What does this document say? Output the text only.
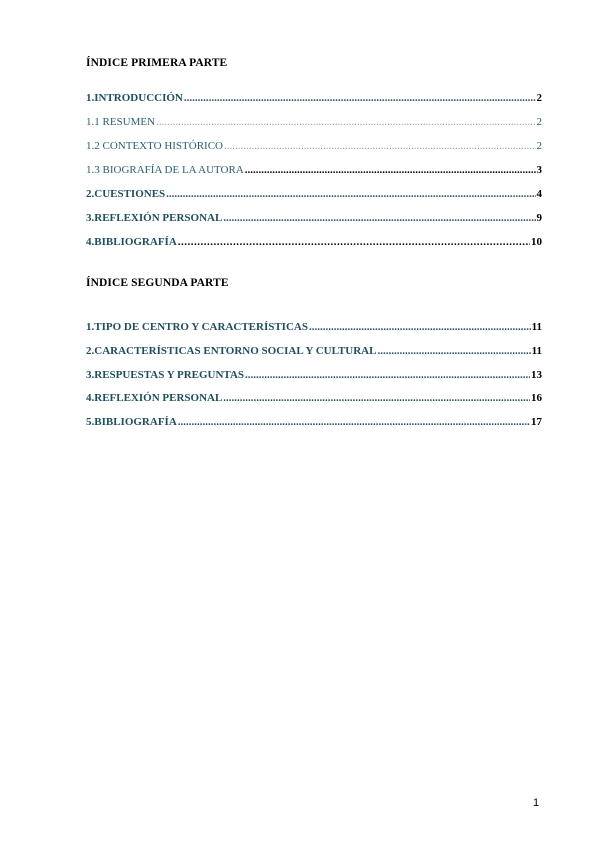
ÍNDICE PRIMERA PARTE
1.INTRODUCCIÓN .....	2
1.1 RESUMEN .....	2
1.2 CONTEXTO HISTÓRICO .....	2
1.3 BIOGRAFÍA DE LA AUTORA .....	3
2.CUESTIONES .....	4
3.REFLEXIÓN PERSONAL .....	9
4.BIBLIOGRAFÍA .....	10
ÍNDICE SEGUNDA PARTE
1.TIPO DE CENTRO Y CARACTERÍSTICAS .....	11
2.CARACTERÍSTICAS ENTORNO SOCIAL Y CULTURAL .....	11
3.RESPUESTAS Y PREGUNTAS .....	13
4.REFLEXIÓN PERSONAL .....	16
5.BIBLIOGRAFÍA .....	17
1
